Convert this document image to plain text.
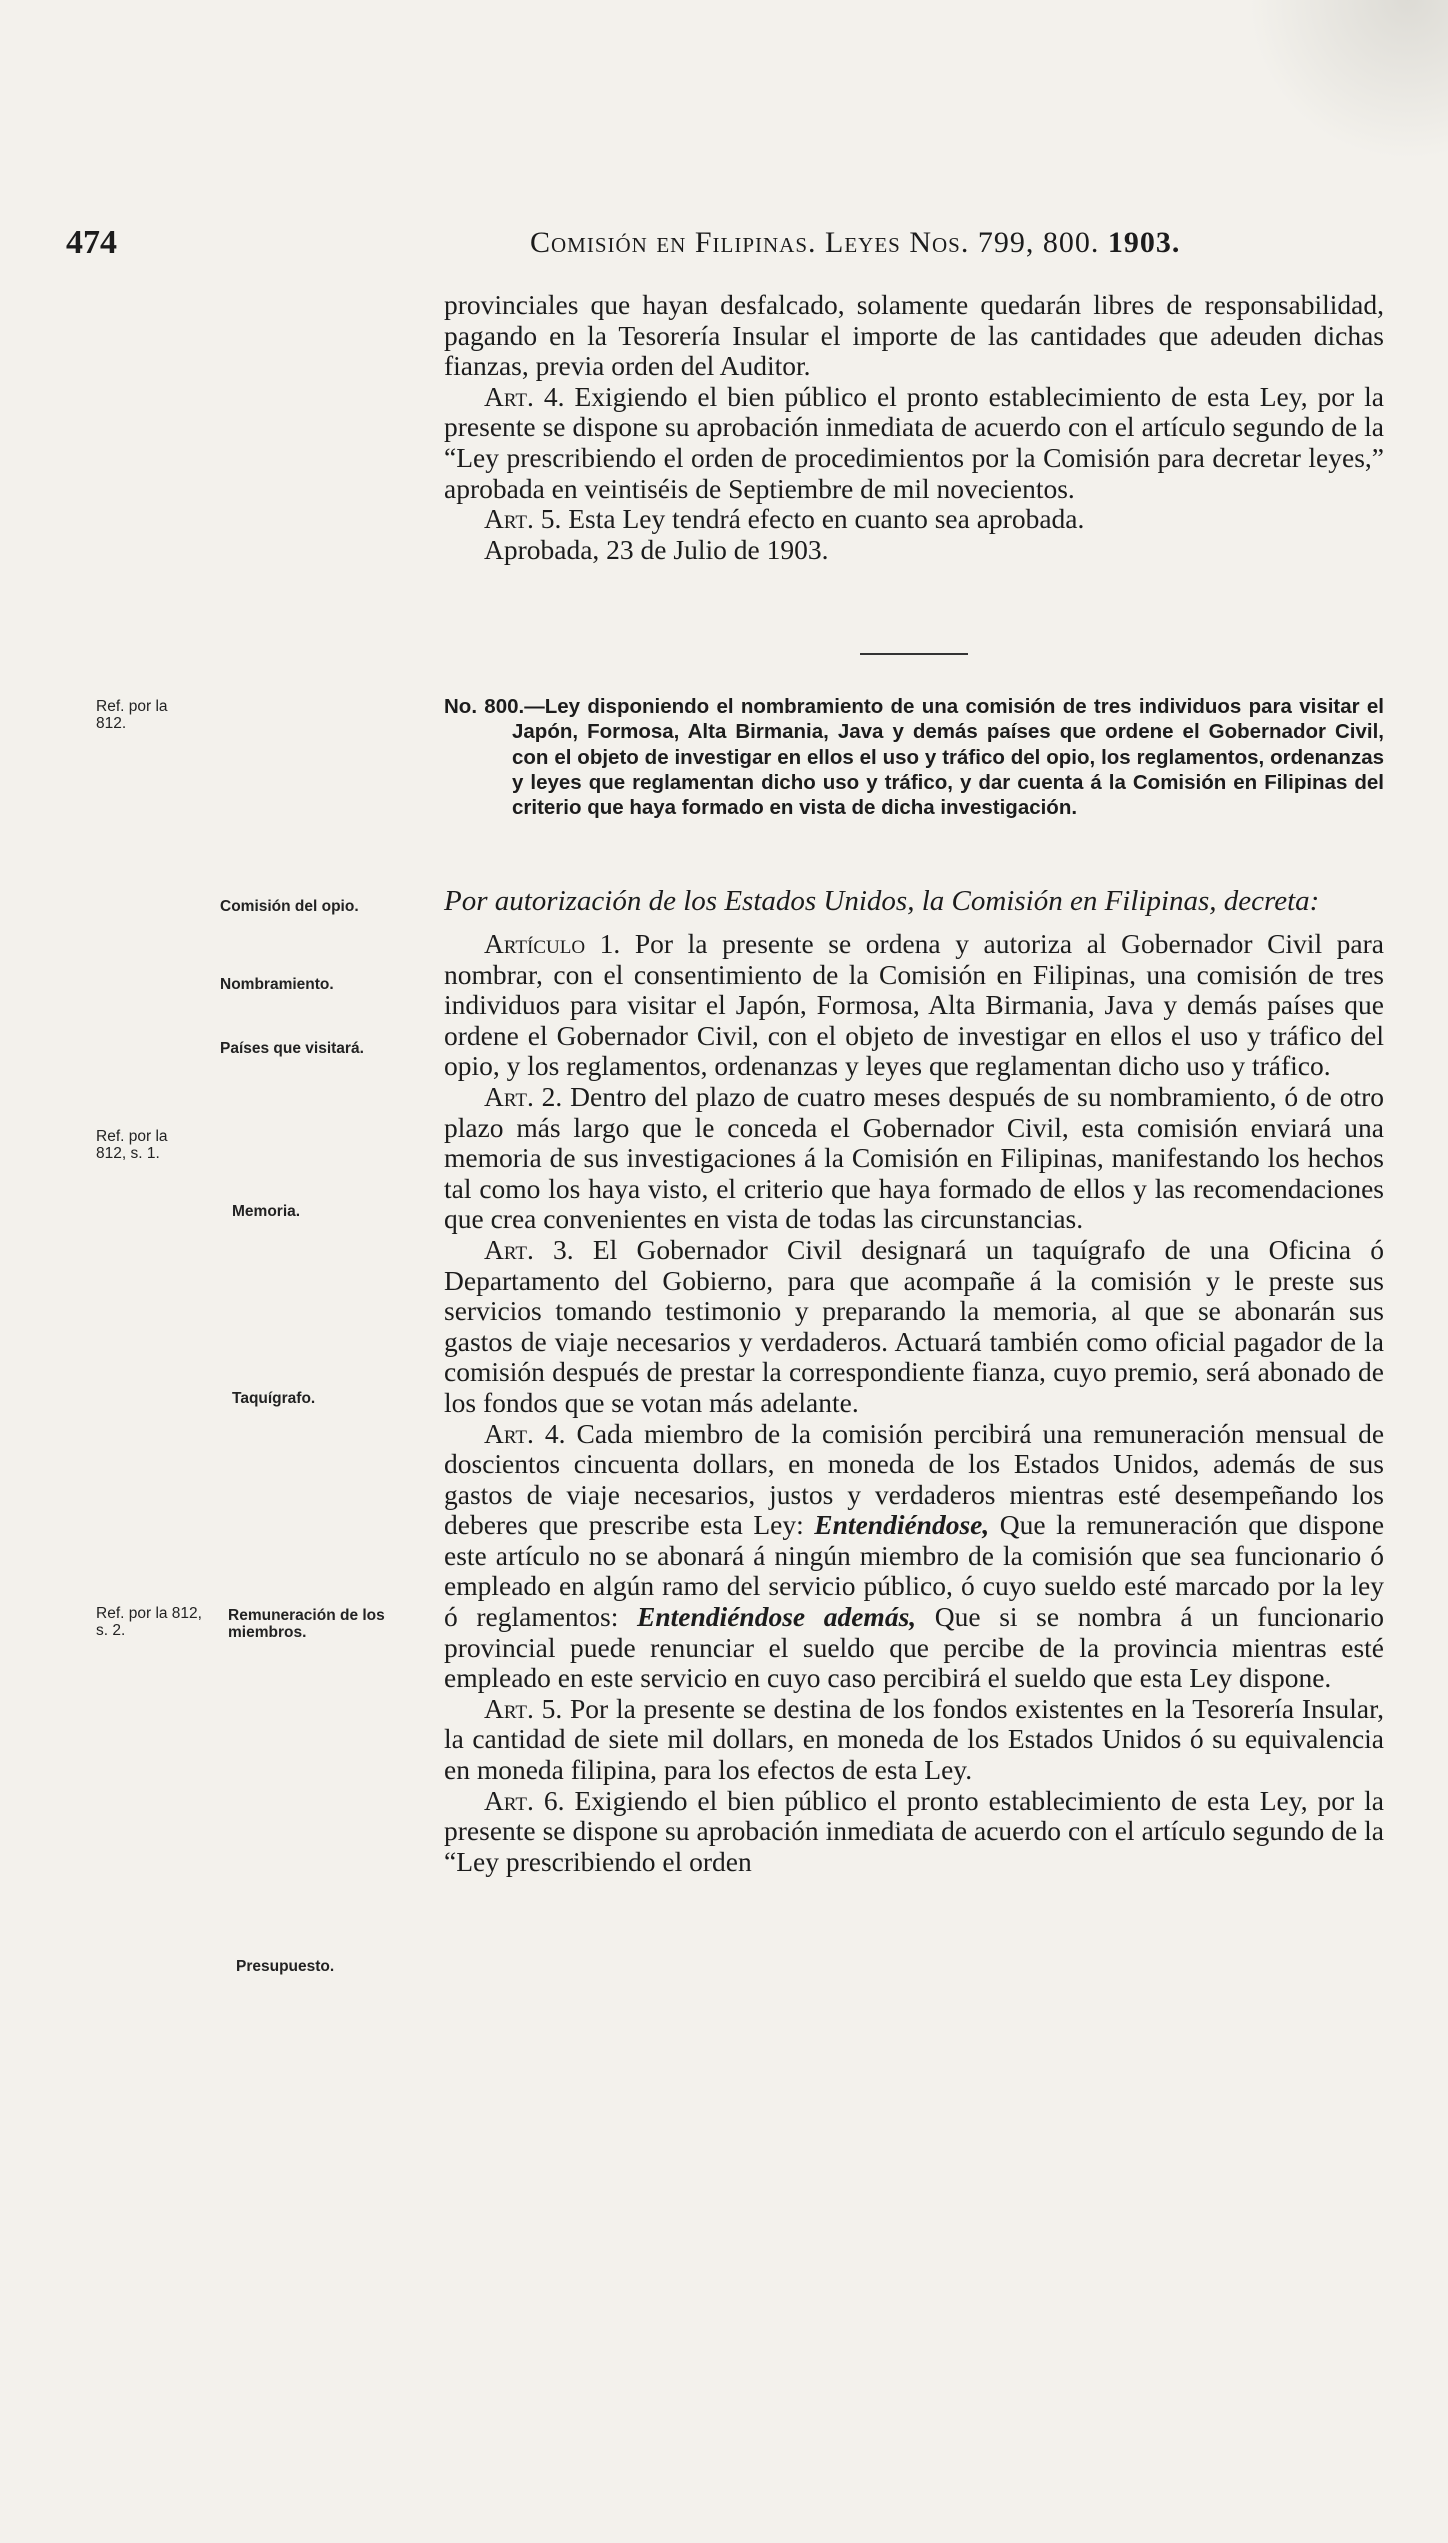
474	Comisión en Filipinas. Leyes Nos. 799, 800. 1903.

provinciales que hayan desfalcado, solamente quedarán libres de responsabilidad, pagando en la Tesorería Insular el importe de las cantidades que adeuden dichas fianzas, previa orden del Auditor.

Art. 4. Exigiendo el bien público el pronto establecimiento de esta Ley, por la presente se dispone su aprobación inmediata de acuerdo con el artículo segundo de la “Ley prescribiendo el orden de procedimientos por la Comisión para decretar leyes,” aprobada en veintiséis de Septiembre de mil novecientos.

Art. 5. Esta Ley tendrá efecto en cuanto sea aprobada.

Aprobada, 23 de Julio de 1903.

No. 800.—Ley disponiendo el nombramiento de una comisión de tres individuos para visitar el Japón, Formosa, Alta Birmania, Java y demás países que ordene el Gobernador Civil, con el objeto de investigar en ellos el uso y tráfico del opio, los reglamentos, ordenanzas y leyes que reglamentan dicho uso y tráfico, y dar cuenta á la Comisión en Filipinas del criterio que haya formado en vista de dicha investigación.

Por autorización de los Estados Unidos, la Comisión en Filipinas, decreta:

Artículo 1. Por la presente se ordena y autoriza al Gobernador Civil para nombrar, con el consentimiento de la Comisión en Filipinas, una comisión de tres individuos para visitar el Japón, Formosa, Alta Birmania, Java y demás países que ordene el Gobernador Civil, con el objeto de investigar en ellos el uso y tráfico del opio, y los reglamentos, ordenanzas y leyes que reglamentan dicho uso y tráfico.

Art. 2. Dentro del plazo de cuatro meses después de su nombramiento, ó de otro plazo más largo que le conceda el Gobernador Civil, esta comisión enviará una memoria de sus investigaciones á la Comisión en Filipinas, manifestando los hechos tal como los haya visto, el criterio que haya formado de ellos y las recomendaciones que crea convenientes en vista de todas las circunstancias.

Art. 3. El Gobernador Civil designará un taquígrafo de una Oficina ó Departamento del Gobierno, para que acompañe á la comisión y le preste sus servicios tomando testimonio y preparando la memoria, al que se abonarán sus gastos de viaje necesarios y verdaderos. Actuará también como oficial pagador de la comisión después de prestar la correspondiente fianza, cuyo premio, será abonado de los fondos que se votan más adelante.

Art. 4. Cada miembro de la comisión percibirá una remuneración mensual de doscientos cincuenta dollars, en moneda de los Estados Unidos, además de sus gastos de viaje necesarios, justos y verdaderos mientras esté desempeñando los deberes que prescribe esta Ley: Entendiéndose, Que la remuneración que dispone este artículo no se abonará á ningún miembro de la comisión que sea funcionario ó empleado en algún ramo del servicio público, ó cuyo sueldo esté marcado por la ley ó reglamentos: Entendiéndose además, Que si se nombra á un funcionario provincial puede renunciar el sueldo que percibe de la provincia mientras esté empleado en este servicio en cuyo caso percibirá el sueldo que esta Ley dispone.

Art. 5. Por la presente se destina de los fondos existentes en la Tesorería Insular, la cantidad de siete mil dollars, en moneda de los Estados Unidos ó su equivalencia en moneda filipina, para los efectos de esta Ley.

Art. 6. Exigiendo el bien público el pronto establecimiento de esta Ley, por la presente se dispone su aprobación inmediata de acuerdo con el artículo segundo de la “Ley prescribiendo el orden

Ref. por la 812.
Comisión del opio.
Nombramiento.
Países que visitará.
Ref. por la 812, s. 1.
Memoria.
Taquígrafo.
Ref. por la 812, s. 2.
Remuneración de los miembros.
Presupuesto.
